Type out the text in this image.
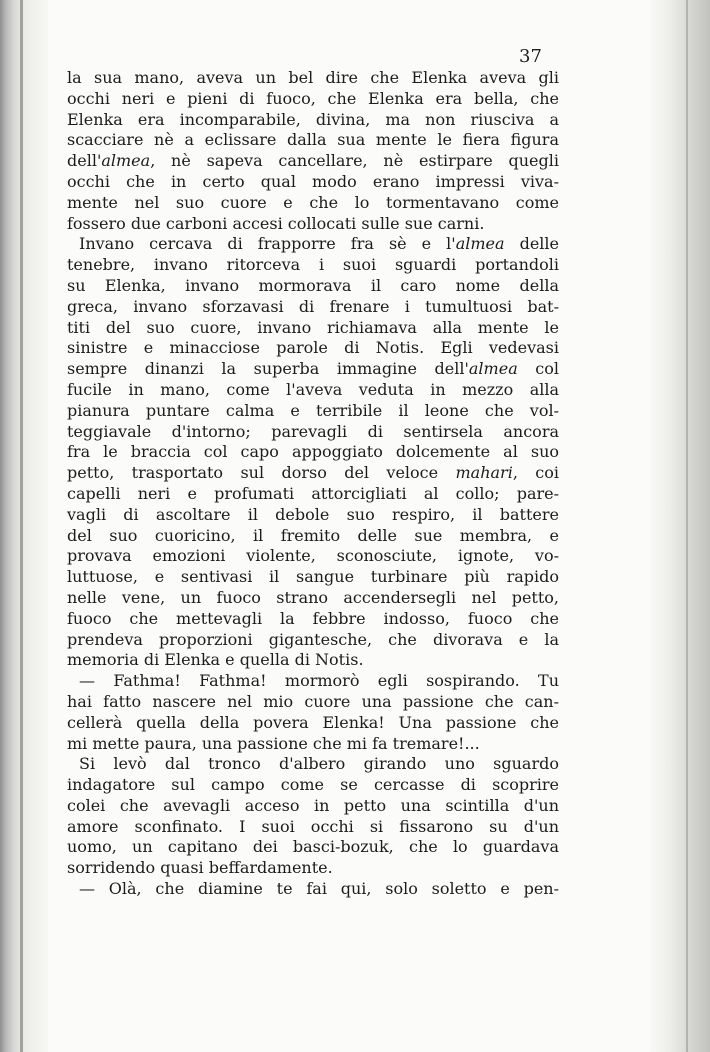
37
la sua mano, aveva un bel dire che Elenka aveva gli
occhi neri e pieni di fuoco, che Elenka era bella, che
Elenka era incomparabile, divina, ma non riusciva a
scacciare nè a eclissare dalla sua mente le fiera figura
dell'almea, nè sapeva cancellare, nè estirpare quegli
occhi che in certo qual modo erano impressi viva-
mente nel suo cuore e che lo tormentavano come
fossero due carboni accesi collocati sulle sue carni.
Invano cercava di frapporre fra sè e l'almea delle
tenebre, invano ritorceva i suoi sguardi portandoli
su Elenka, invano mormorava il caro nome della
greca, invano sforzavasi di frenare i tumultuosi bat-
titi del suo cuore, invano richiamava alla mente le
sinistre e minacciose parole di Notis. Egli vedevasi
sempre dinanzi la superba immagine dell'almea col
fucile in mano, come l'aveva veduta in mezzo alla
pianura puntare calma e terribile il leone che vol-
teggiavale d'intorno; parevagli di sentirsela ancora
fra le braccia col capo appoggiato dolcemente al suo
petto, trasportato sul dorso del veloce mahari, coi
capelli neri e profumati attorcigliati al collo; pare-
vagli di ascoltare il debole suo respiro, il battere
del suo cuoricino, il fremito delle sue membra, e
provava emozioni violente, sconosciute, ignote, vo-
luttuose, e sentivasi il sangue turbinare più rapido
nelle vene, un fuoco strano accendersegli nel petto,
fuoco che mettevagli la febbre indosso, fuoco che
prendeva proporzioni gigantesche, che divorava e la
memoria di Elenka e quella di Notis.
— Fathma! Fathma! mormorò egli sospirando. Tu
hai fatto nascere nel mio cuore una passione che can-
cellerà quella della povera Elenka! Una passione che
mi mette paura, una passione che mi fa tremare!...
Si levò dal tronco d'albero girando uno sguardo
indagatore sul campo come se cercasse di scoprire
colei che avevagli acceso in petto una scintilla d'un
amore sconfinato. I suoi occhi si fissarono su d'un
uomo, un capitano dei basci-bozuk, che lo guardava
sorridendo quasi beffardamente.
— Olà, che diamine te fai qui, solo soletto e pen-
